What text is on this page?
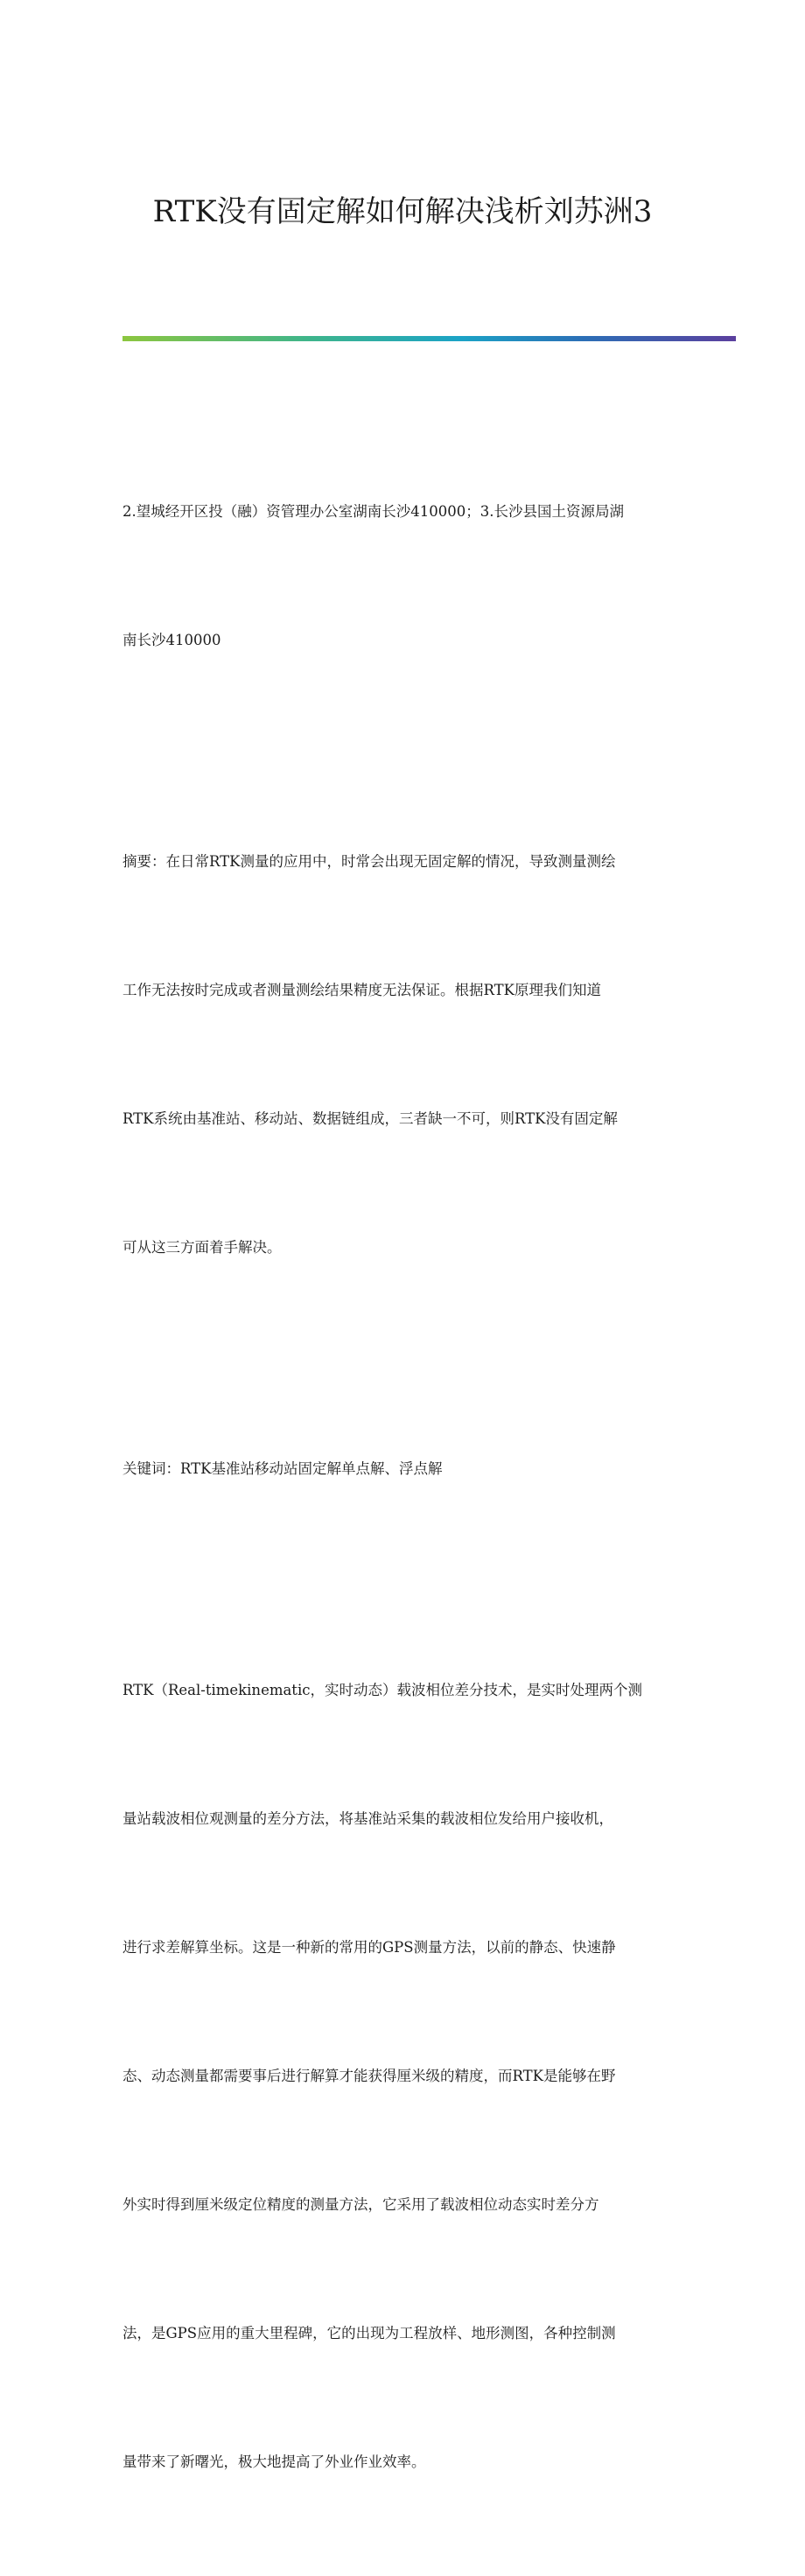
RTK没有固定解如何解决浅析刘苏洲3

2.望城经开区投（融）资管理办公室湖南长沙410000；3.长沙县国土资源局湖

南长沙410000

摘要：在日常RTK测量的应用中，时常会出现无固定解的情况，导致测量测绘

工作无法按时完成或者测量测绘结果精度无法保证。根据RTK原理我们知道

RTK系统由基准站、移动站、数据链组成，三者缺一不可，则RTK没有固定解

可从这三方面着手解决。

关键词：RTK基准站移动站固定解单点解、浮点解

RTK（Real-timekinematic，实时动态）载波相位差分技术，是实时处理两个测

量站载波相位观测量的差分方法，将基准站采集的载波相位发给用户接收机，

进行求差解算坐标。这是一种新的常用的GPS测量方法，以前的静态、快速静

态、动态测量都需要事后进行解算才能获得厘米级的精度，而RTK是能够在野

外实时得到厘米级定位精度的测量方法，它采用了载波相位动态实时差分方

法，是GPS应用的重大里程碑，它的出现为工程放样、地形测图，各种控制测

量带来了新曙光，极大地提高了外业作业效率。
